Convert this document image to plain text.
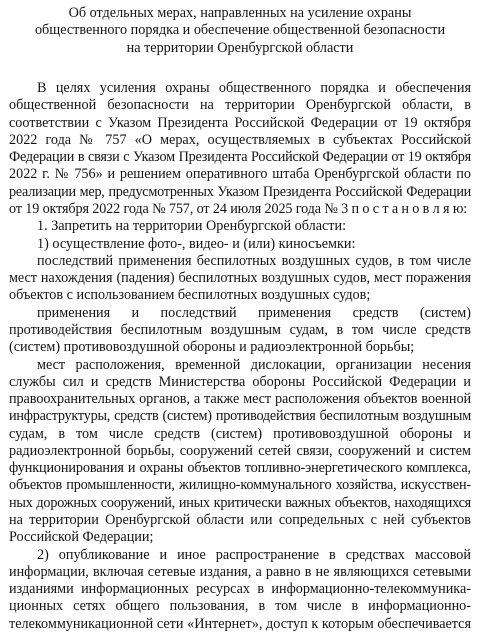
Об отдельных мерах, направленных на усиление охраны
общественного порядка и обеспечение общественной безопасности
на территории Оренбургской области
В целях усиления охраны общественного порядка и обеспечения
общественной безопасности на территории Оренбургской области, в
соответствии с Указом Президента Российской Федерации от 19 октября
2022 года № 757 «О мерах, осуществляемых в субъектах Российской
Федерации в связи с Указом Президента Российской Федерации от 19 октября
2022 г. № 756» и решением оперативного штаба Оренбургской области по
реализации мер, предусмотренных Указом Президента Российской Федерации
от 19 октября 2022 года № 757, от 24 июля 2025 года № 3 п о с т а н о в л я ю:
1. Запретить на территории Оренбургской области:
1) осуществление фото-, видео- и (или) киносъемки:
последствий применения беспилотных воздушных судов, в том числе
мест нахождения (падения) беспилотных воздушных судов, мест поражения
объектов с использованием беспилотных воздушных судов;
применения и последствий применения средств (систем)
противодействия беспилотным воздушным судам, в том числе средств
(систем) противовоздушной обороны и радиоэлектронной борьбы;
мест расположения, временной дислокации, организации несения
службы сил и средств Министерства обороны Российской Федерации и
правоохранительных органов, а также мест расположения объектов военной
инфраструктуры, средств (систем) противодействия беспилотным воздушным
судам, в том числе средств (систем) противовоздушной обороны и
радиоэлектронной борьбы, сооружений сетей связи, сооружений и систем
функционирования и охраны объектов топливно-энергетического комплекса,
объектов промышленности, жилищно-коммунального хозяйства, искусствен-
ных дорожных сооружений, иных критически важных объектов, находящихся
на территории Оренбургской области или сопредельных с ней субъектов
Российской Федерации;
2) опубликование и иное распространение в средствах массовой
информации, включая сетевые издания, а равно в не являющихся сетевыми
изданиями информационных ресурсах в информационно-телекоммуника-
ционных сетях общего пользования, в том числе в информационно-
телекоммуникационной сети «Интернет», доступ к которым обеспечивается
